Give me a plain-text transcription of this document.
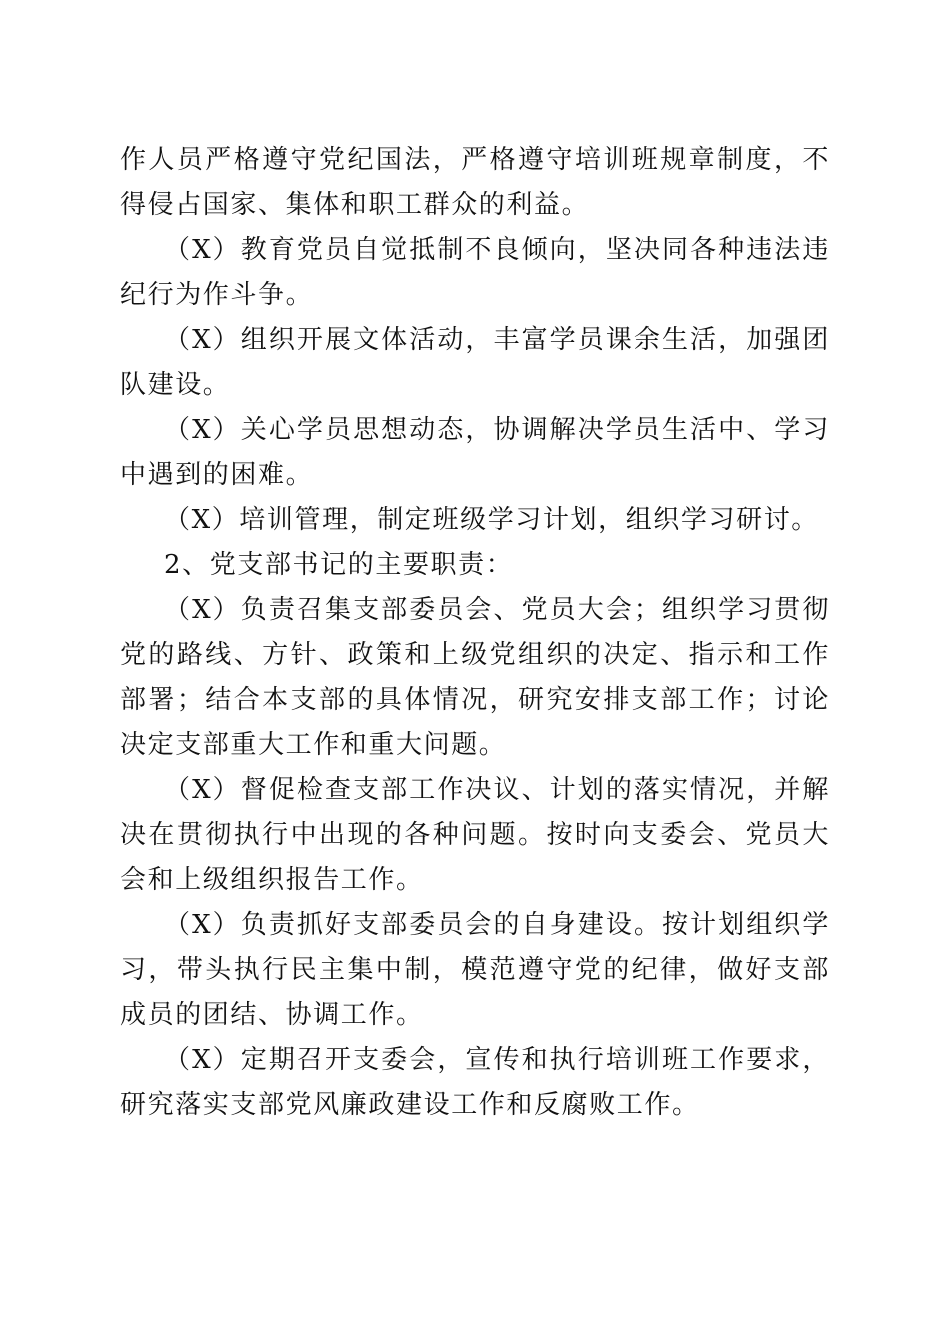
作人员严格遵守党纪国法，严格遵守培训班规章制度，不得侵占国家、集体和职工群众的利益。

（X）教育党员自觉抵制不良倾向，坚决同各种违法违纪行为作斗争。

（X）组织开展文体活动，丰富学员课余生活，加强团队建设。

（X）关心学员思想动态，协调解决学员生活中、学习中遇到的困难。

（X）培训管理，制定班级学习计划，组织学习研讨。

2、党支部书记的主要职责：

（X）负责召集支部委员会、党员大会；组织学习贯彻党的路线、方针、政策和上级党组织的决定、指示和工作部署；结合本支部的具体情况，研究安排支部工作；讨论决定支部重大工作和重大问题。

（X）督促检查支部工作决议、计划的落实情况，并解决在贯彻执行中出现的各种问题。按时向支委会、党员大会和上级组织报告工作。

（X）负责抓好支部委员会的自身建设。按计划组织学习，带头执行民主集中制，模范遵守党的纪律，做好支部成员的团结、协调工作。

（X）定期召开支委会，宣传和执行培训班工作要求，研究落实支部党风廉政建设工作和反腐败工作。
